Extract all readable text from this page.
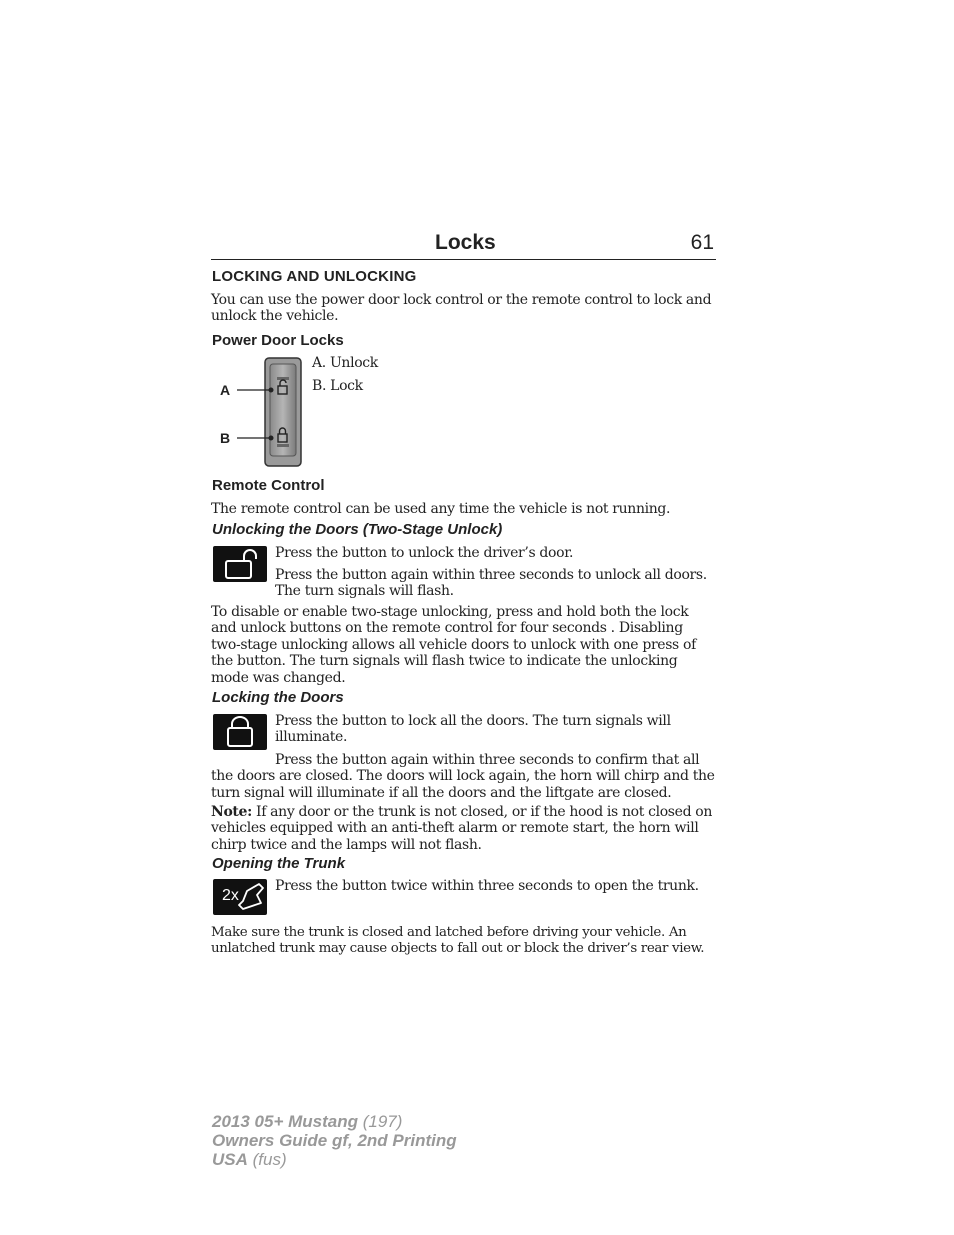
Locks	61
LOCKING AND UNLOCKING
You can use the power door lock control or the remote control to lock and unlock the vehicle.
Power Door Locks
A
B
A. Unlock
B. Lock
Remote Control
The remote control can be used any time the vehicle is not running.
Unlocking the Doors (Two-Stage Unlock)
Press the button to unlock the driver’s door.
Press the button again within three seconds to unlock all doors. The turn signals will flash.
To disable or enable two-stage unlocking, press and hold both the lock and unlock buttons on the remote control for four seconds . Disabling two-stage unlocking allows all vehicle doors to unlock with one press of the button. The turn signals will flash twice to indicate the unlocking mode was changed.
Locking the Doors
Press the button to lock all the doors. The turn signals will illuminate.
Press the button again within three seconds to confirm that all the doors are closed. The doors will lock again, the horn will chirp and the turn signal will illuminate if all the doors and the liftgate are closed.
Note: If any door or the trunk is not closed, or if the hood is not closed on vehicles equipped with an anti-theft alarm or remote start, the horn will chirp twice and the lamps will not flash.
Opening the Trunk
2x
Press the button twice within three seconds to open the trunk.
Make sure the trunk is closed and latched before driving your vehicle. An unlatched trunk may cause objects to fall out or block the driver’s rear view.
2013 05+ Mustang (197)
Owners Guide gf, 2nd Printing
USA (fus)
